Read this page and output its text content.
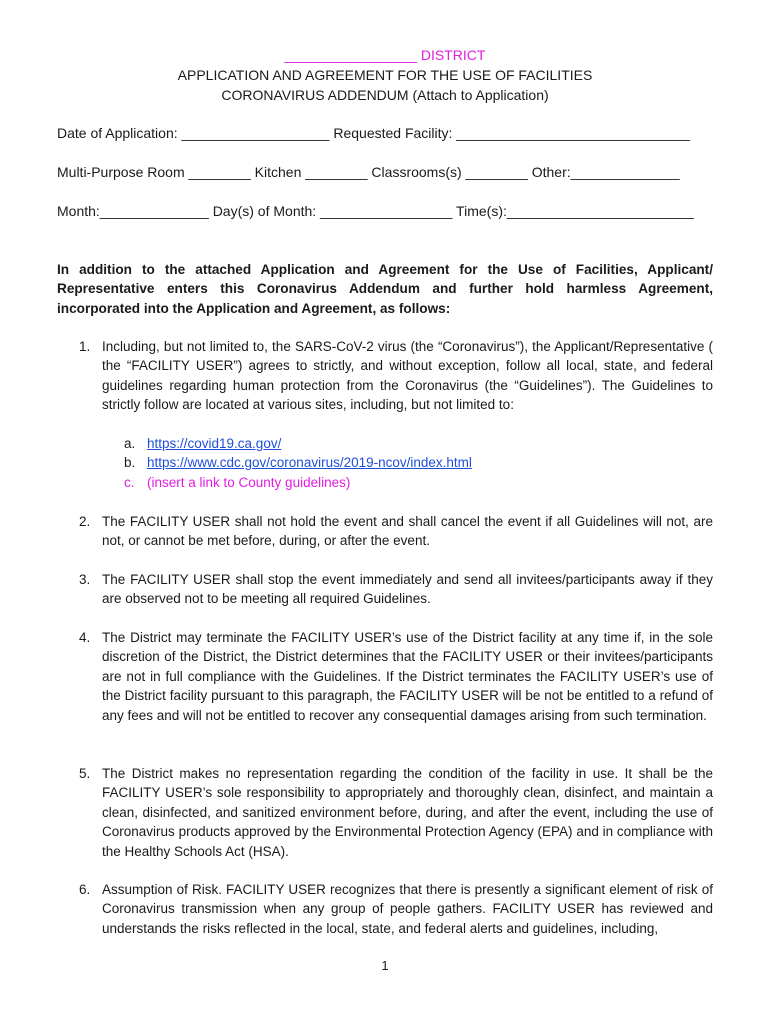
_________________ DISTRICT
APPLICATION AND AGREEMENT FOR THE USE OF FACILITIES
CORONAVIRUS ADDENDUM (Attach to Application)
Date of Application: ___________________ Requested Facility: ______________________________
Multi-Purpose Room ________ Kitchen ________ Classrooms(s) ________ Other:______________
Month:______________ Day(s) of Month: _________________ Time(s):________________________
In addition to the attached Application and Agreement for the Use of Facilities, Applicant/ Representative enters this Coronavirus Addendum and further hold harmless Agreement, incorporated into the Application and Agreement, as follows:
1. Including, but not limited to, the SARS-CoV-2 virus (the “Coronavirus”), the Applicant/Representative ( the “FACILITY USER”) agrees to strictly, and without exception, follow all local, state, and federal guidelines regarding human protection from the Coronavirus (the “Guidelines”). The Guidelines to strictly follow are located at various sites, including, but not limited to:
a. https://covid19.ca.gov/
b. https://www.cdc.gov/coronavirus/2019-ncov/index.html
c. (insert a link to County guidelines)
2. The FACILITY USER shall not hold the event and shall cancel the event if all Guidelines will not, are not, or cannot be met before, during, or after the event.
3. The FACILITY USER shall stop the event immediately and send all invitees/participants away if they are observed not to be meeting all required Guidelines.
4. The District may terminate the FACILITY USER’s use of the District facility at any time if, in the sole discretion of the District, the District determines that the FACILITY USER or their invitees/participants are not in full compliance with the Guidelines. If the District terminates the FACILITY USER’s use of the District facility pursuant to this paragraph, the FACILITY USER will be not be entitled to a refund of any fees and will not be entitled to recover any consequential damages arising from such termination.
5. The District makes no representation regarding the condition of the facility in use. It shall be the FACILITY USER’s sole responsibility to appropriately and thoroughly clean, disinfect, and maintain a clean, disinfected, and sanitized environment before, during, and after the event, including the use of Coronavirus products approved by the Environmental Protection Agency (EPA) and in compliance with the Healthy Schools Act (HSA).
6. Assumption of Risk. FACILITY USER recognizes that there is presently a significant element of risk of Coronavirus transmission when any group of people gathers. FACILITY USER has reviewed and understands the risks reflected in the local, state, and federal alerts and guidelines, including,
1
